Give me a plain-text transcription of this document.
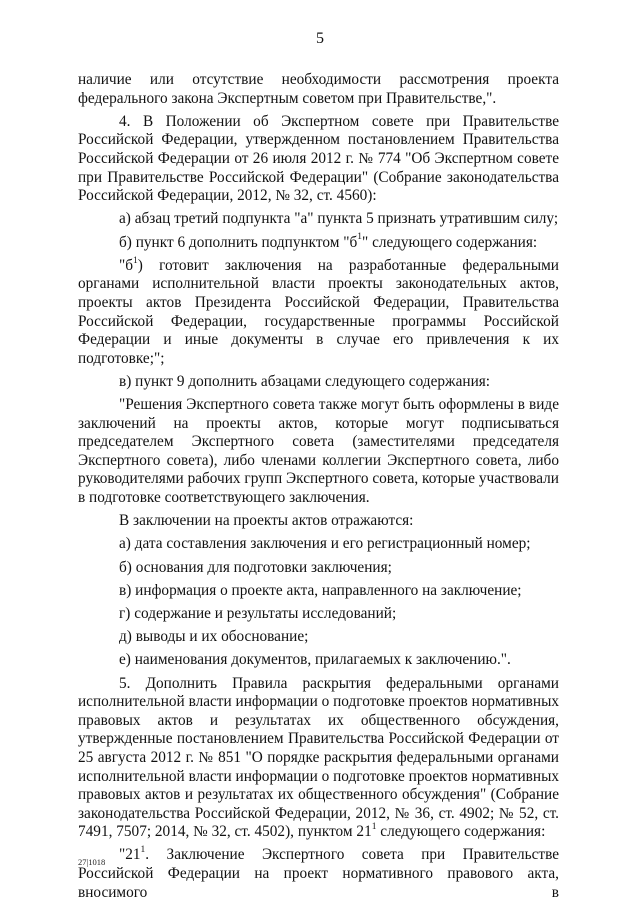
5

наличие или отсутствие необходимости рассмотрения проекта федерального закона Экспертным советом при Правительстве,".

4. В Положении об Экспертном совете при Правительстве Российской Федерации, утвержденном постановлением Правительства Российской Федерации от 26 июля 2012 г. № 774 "Об Экспертном совете при Правительстве Российской Федерации" (Собрание законодательства Российской Федерации, 2012, № 32, ст. 4560):

а) абзац третий подпункта "а" пункта 5 признать утратившим силу;

б) пункт 6 дополнить подпунктом "$б^1$" следующего содержания:

"$б^1$) готовит заключения на разработанные федеральными органами исполнительной власти проекты законодательных актов, проекты актов Президента Российской Федерации, Правительства Российской Федерации, государственные программы Российской Федерации и иные документы в случае его привлечения к их подготовке;";

в) пункт 9 дополнить абзацами следующего содержания:

"Решения Экспертного совета также могут быть оформлены в виде заключений на проекты актов, которые могут подписываться председателем Экспертного совета (заместителями председателя Экспертного совета), либо членами коллегии Экспертного совета, либо руководителями рабочих групп Экспертного совета, которые участвовали в подготовке соответствующего заключения.

В заключении на проекты актов отражаются:

а) дата составления заключения и его регистрационный номер;

б) основания для подготовки заключения;

в) информация о проекте акта, направленного на заключение;

г) содержание и результаты исследований;

д) выводы и их обоснование;

е) наименования документов, прилагаемых к заключению.".

5. Дополнить Правила раскрытия федеральными органами исполнительной власти информации о подготовке проектов нормативных правовых актов и результатах их общественного обсуждения, утвержденные постановлением Правительства Российской Федерации от 25 августа 2012 г. № 851 "О порядке раскрытия федеральными органами исполнительной власти информации о подготовке проектов нормативных правовых актов и результатах их общественного обсуждения" (Собрание законодательства Российской Федерации, 2012, № 36, ст. 4902; № 52, ст. 7491, 7507; 2014, № 32, ст. 4502), пунктом $21^1$ следующего содержания:

"$21^1$. Заключение Экспертного совета при Правительстве Российской Федерации на проект нормативного правового акта, вносимого в

27|1018
